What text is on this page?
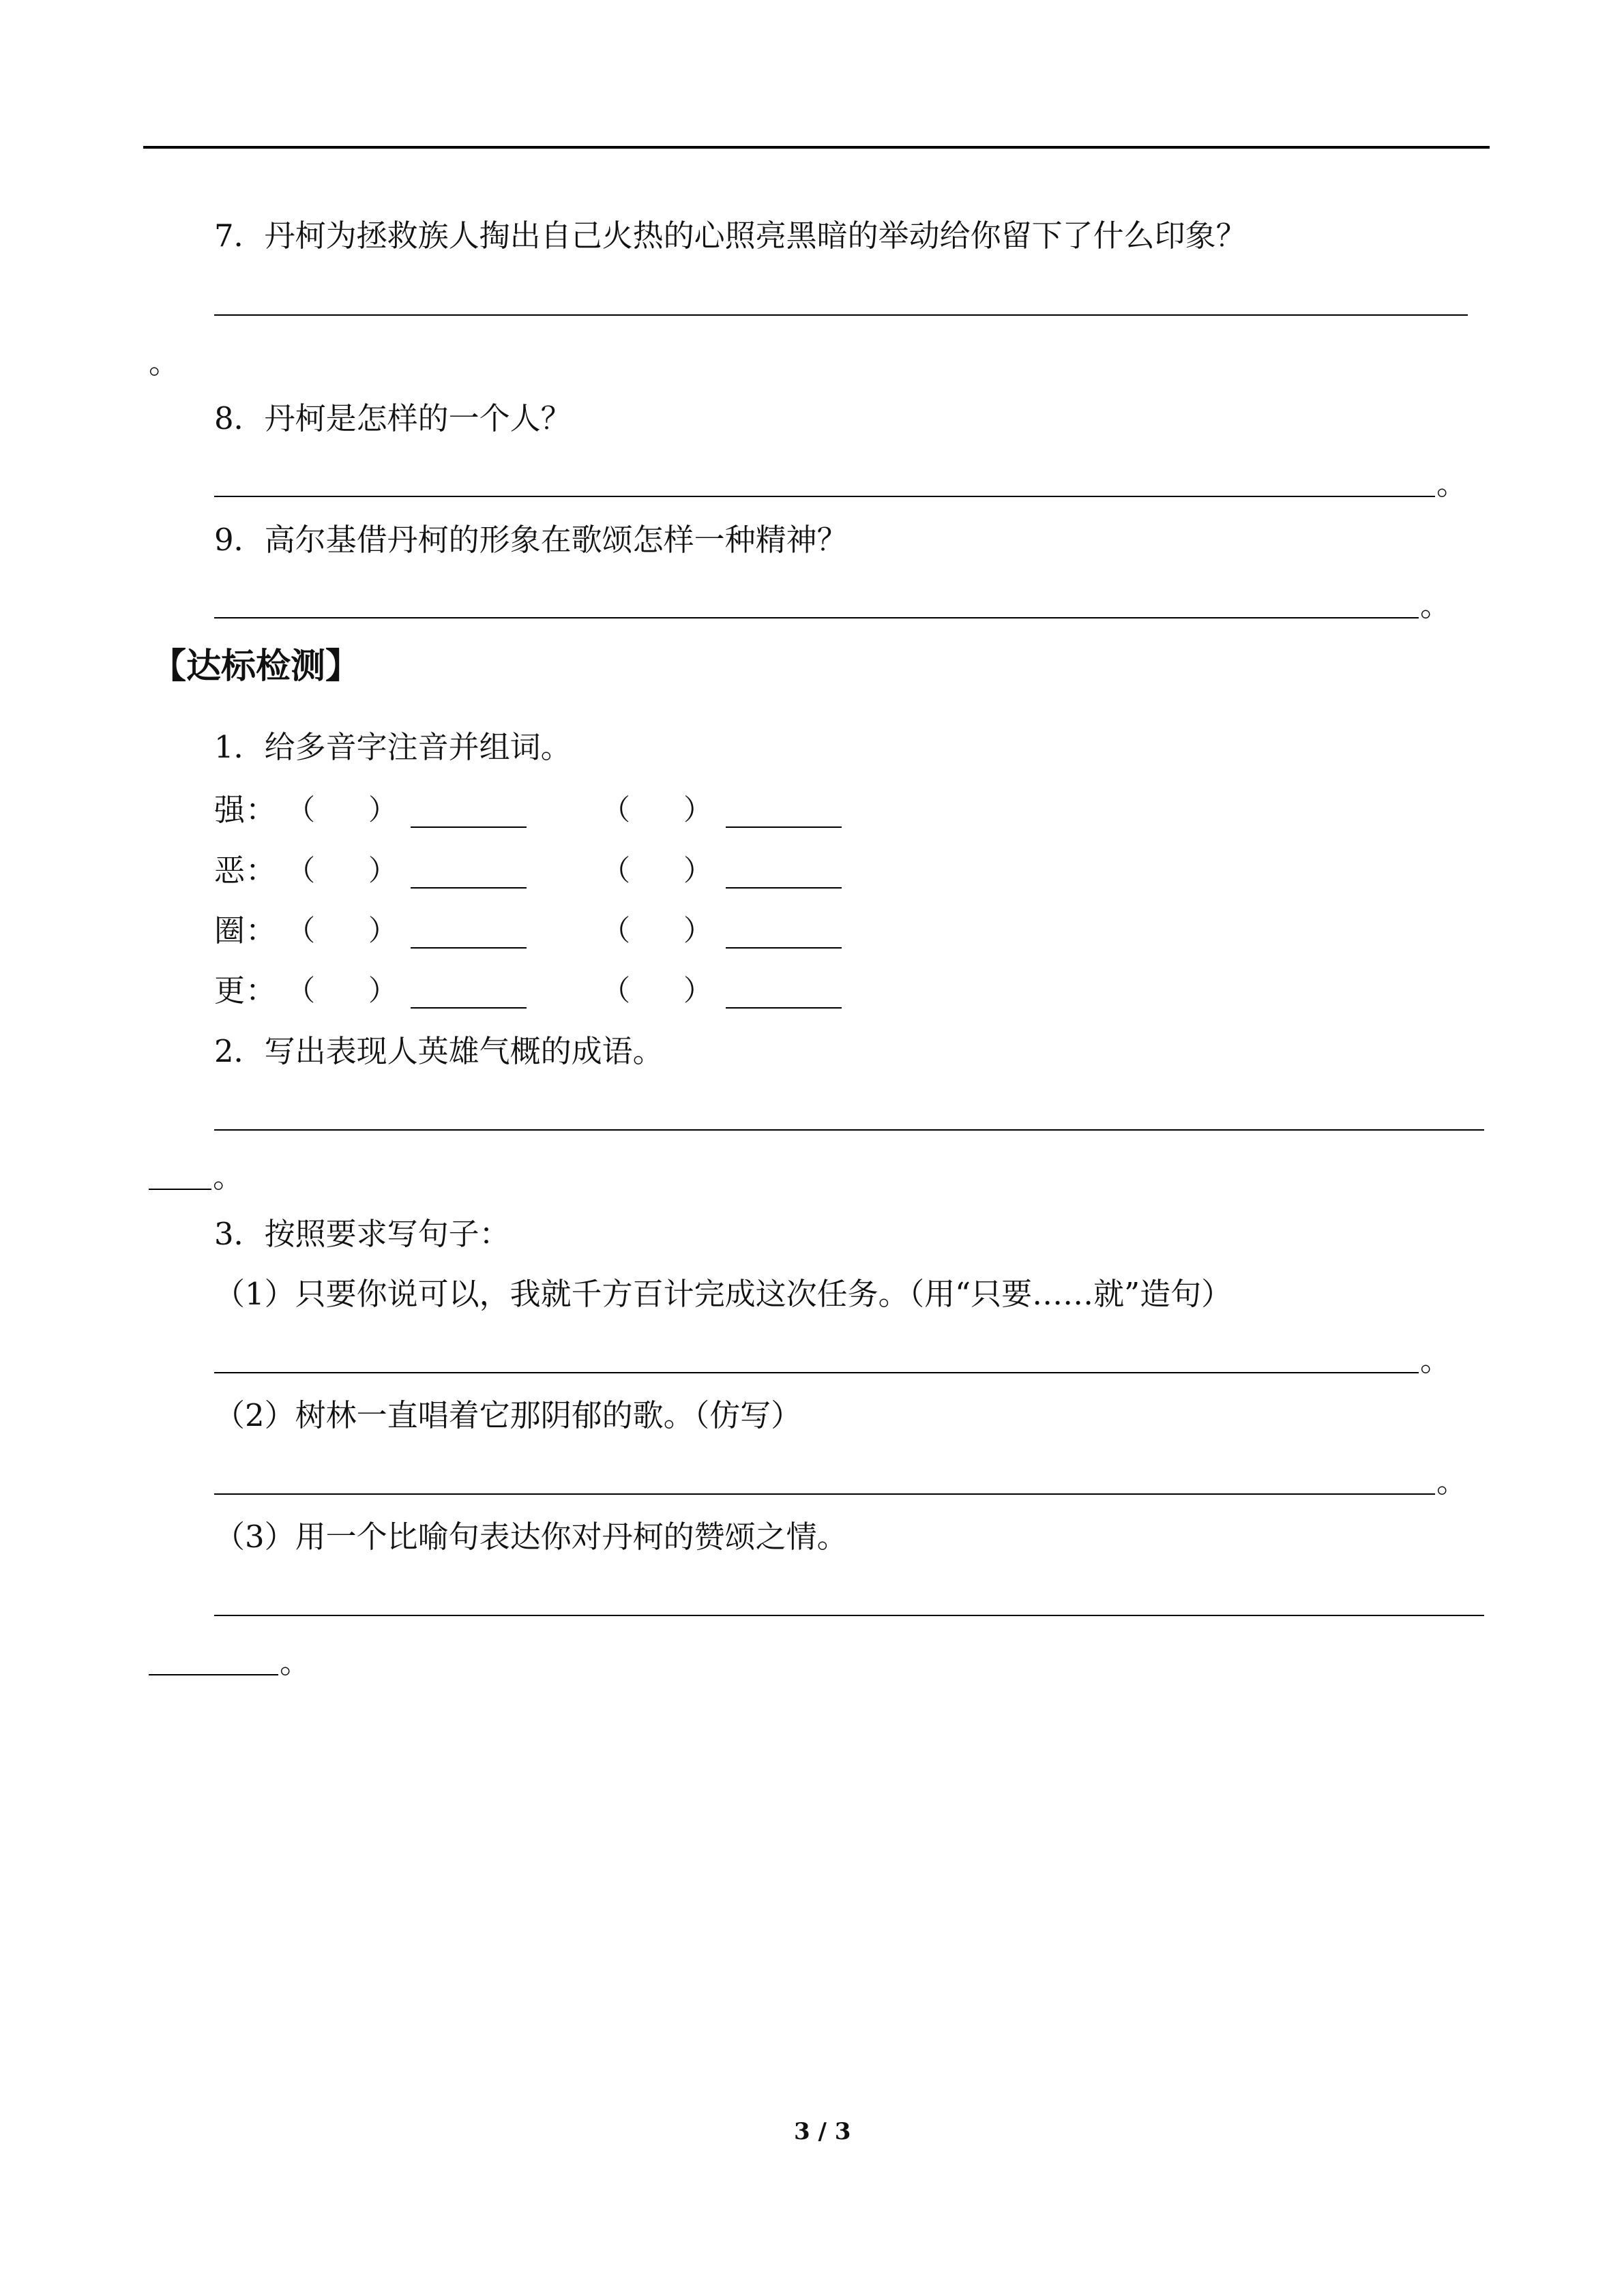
7．丹柯为拯救族人掏出自己火热的心照亮黑暗的举动给你留下了什么印象？
。
8．丹柯是怎样的一个人？
。
9．高尔基借丹柯的形象在歌颂怎样一种精神？
。
【达标检测】
1．给多音字注音并组词。
强 ： （ ）	（ ）
恶 ： （ ）	（ ）
圈 ： （ ）	（ ）
更 ： （ ）	（ ）
2．写出表现人英雄气概的成语。
。
3．按照要求写句子：
（1）只要你说可以，我就千方百计完成这次任务。（用“只要……就”造句）
。
（2）树林一直唱着它那阴郁的歌。（仿写）
。
（3）用一个比喻句表达你对丹柯的赞颂之情。
。
3 / 3
